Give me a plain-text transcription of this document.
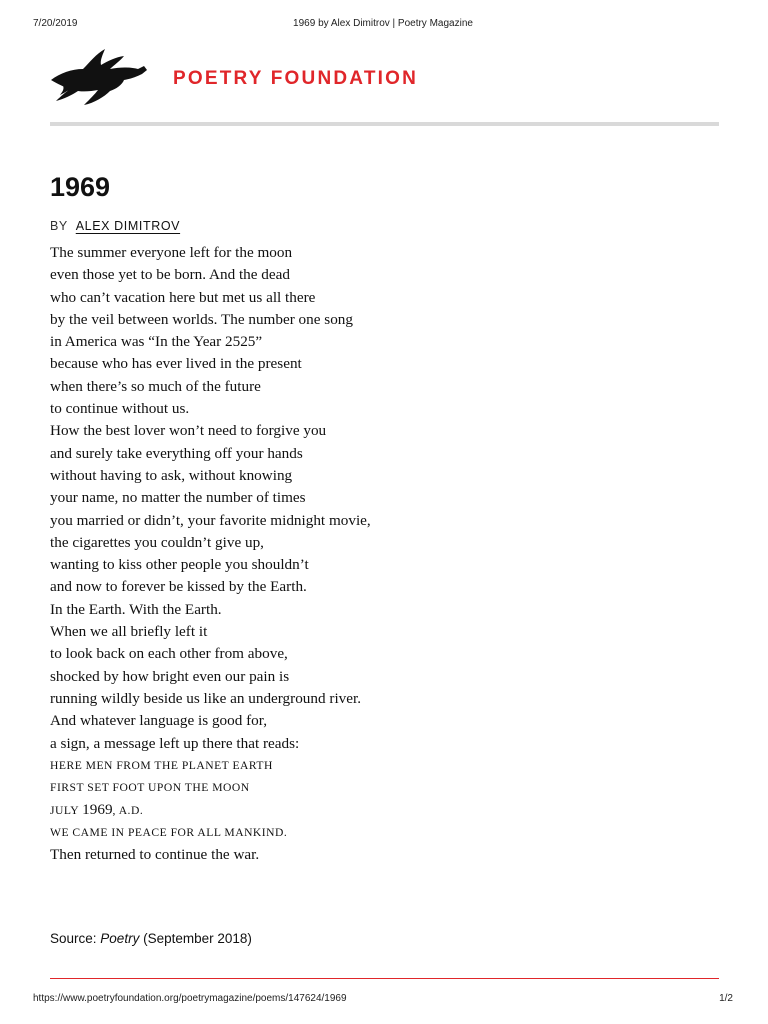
7/20/2019	1969 by Alex Dimitrov | Poetry Magazine
POETRY FOUNDATION
1969
BY ALEX DIMITROV
The summer everyone left for the moon
even those yet to be born. And the dead
who can’t vacation here but met us all there
by the veil between worlds. The number one song
in America was “In the Year 2525”
because who has ever lived in the present
when there’s so much of the future
to continue without us.
How the best lover won’t need to forgive you
and surely take everything off your hands
without having to ask, without knowing
your name, no matter the number of times
you married or didn’t, your favorite midnight movie,
the cigarettes you couldn’t give up,
wanting to kiss other people you shouldn’t
and now to forever be kissed by the Earth.
In the Earth. With the Earth.
When we all briefly left it
to look back on each other from above,
shocked by how bright even our pain is
running wildly beside us like an underground river.
And whatever language is good for,
a sign, a message left up there that reads:
HERE MEN FROM THE PLANET EARTH
FIRST SET FOOT UPON THE MOON
JULY 1969, A.D.
WE CAME IN PEACE FOR ALL MANKIND.
Then returned to continue the war.
Source: Poetry (September 2018)
https://www.poetryfoundation.org/poetrymagazine/poems/147624/1969	1/2
